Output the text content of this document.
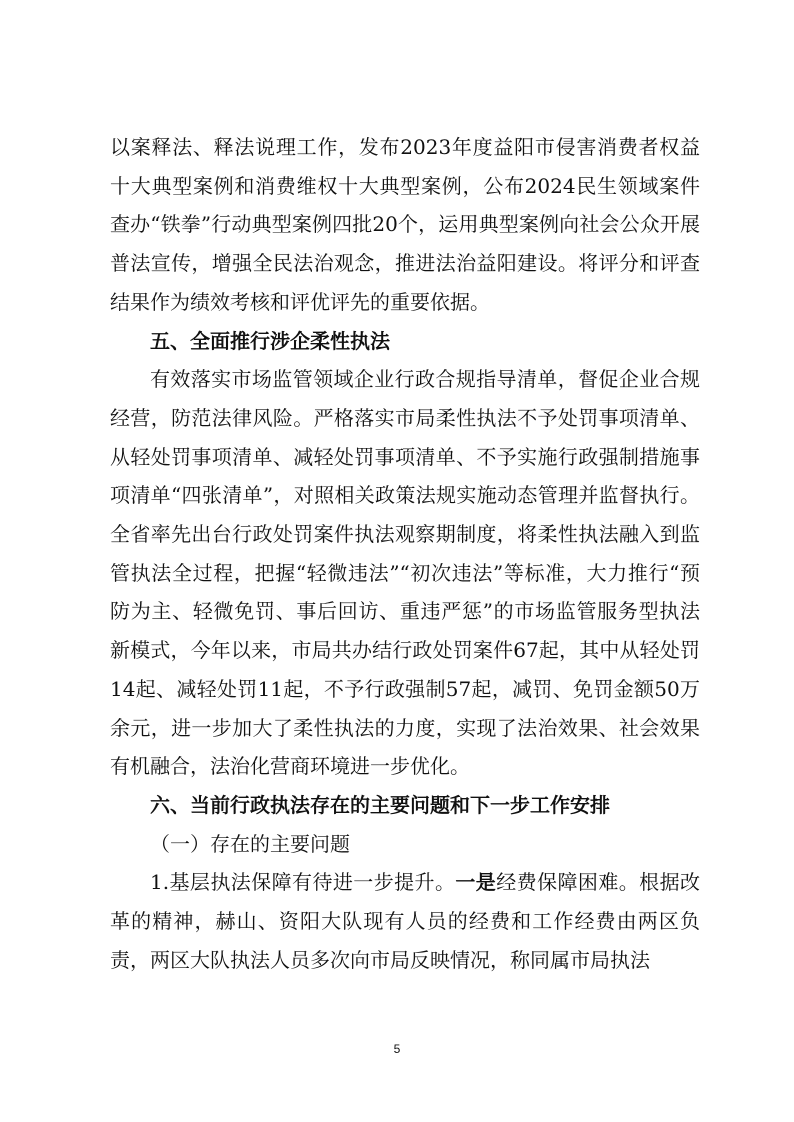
以案释法、释法说理工作，发布2023年度益阳市侵害消费者权益十大典型案例和消费维权十大典型案例，公布2024民生领域案件查办“铁拳”行动典型案例四批20个，运用典型案例向社会公众开展普法宣传，增强全民法治观念，推进法治益阳建设。将评分和评查结果作为绩效考核和评优评先的重要依据。

五、全面推行涉企柔性执法

有效落实市场监管领域企业行政合规指导清单，督促企业合规经营，防范法律风险。严格落实市局柔性执法不予处罚事项清单、从轻处罚事项清单、减轻处罚事项清单、不予实施行政强制措施事项清单“四张清单”，对照相关政策法规实施动态管理并监督执行。全省率先出台行政处罚案件执法观察期制度，将柔性执法融入到监管执法全过程，把握“轻微违法”“初次违法”等标准，大力推行“预防为主、轻微免罚、事后回访、重违严惩”的市场监管服务型执法新模式，今年以来，市局共办结行政处罚案件67起，其中从轻处罚14起、减轻处罚11起，不予行政强制57起，减罚、免罚金额50万余元，进一步加大了柔性执法的力度，实现了法治效果、社会效果有机融合，法治化营商环境进一步优化。

六、当前行政执法存在的主要问题和下一步工作安排

（一）存在的主要问题

1.基层执法保障有待进一步提升。一是经费保障困难。根据改革的精神，赫山、资阳大队现有人员的经费和工作经费由两区负责，两区大队执法人员多次向市局反映情况，称同属市局执法

5
